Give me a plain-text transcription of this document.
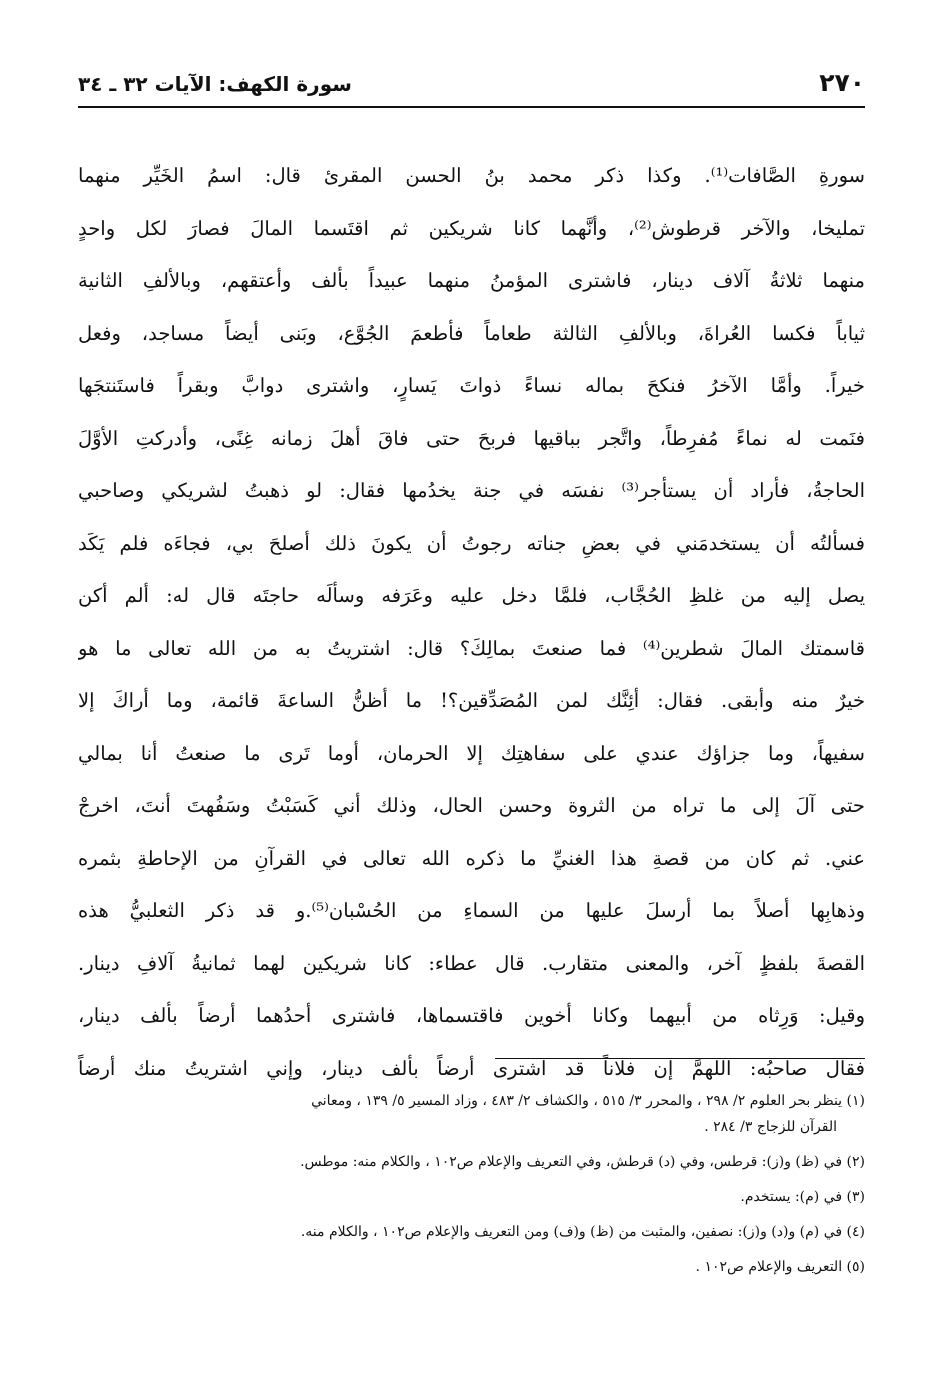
٢٧٠
سورة الكهف: الآيات ٣٢ ـ ٣٤
سورةِ الصَّافات⁽¹⁾. وكذا ذكر محمد بنُ الحسن المقرئ قال: اسمُ الخَيِّر منهما
تمليخا، والآخر قرطوش⁽²⁾، وأنَّهما كانا شريكين ثم اقتَسما المالَ فصارَ لكل واحدٍ
منهما ثلاثةُ آلاف دينار، فاشترى المؤمنُ منهما عبيداً بألف وأعتقهم، وبالألفِ الثانية
ثياباً فكسا العُراةَ، وبالألفِ الثالثة طعاماً فأطعمَ الجُوَّع، وبَنى أيضاً مساجد، وفعل
خيراً. وأمَّا الآخرُ فنكحَ بماله نساءً ذواتَ يَسارٍ، واشترى دوابَّ وبقراً فاستَنتجَها
فنَمت له نماءً مُفرِطاً، واتَّجر بباقيها فربحَ حتى فاقَ أهلَ زمانه غِنًى، وأدركتِ الأوَّلَ
الحاجةُ، فأراد أن يستأجر⁽³⁾ نفسَه في جنة يخدُمها فقال: لو ذهبتُ لشريكي وصاحبي
فسألتُه أن يستخدمَني في بعضِ جناته رجوتُ أن يكونَ ذلك أصلحَ بي، فجاءَه فلم يَكَد
يصل إليه من غلظِ الحُجَّاب، فلمَّا دخل عليه وعَرَفه وسألَه حاجتَه قال له: ألم أكن
قاسمتك المالَ شطرين⁽⁴⁾ فما صنعتَ بمالِكَ؟ قال: اشتريتُ به من الله تعالى ما هو
خيرٌ منه وأبقى. فقال: أئِنَّك لمن المُصَدِّقين؟! ما أظنُّ الساعةَ قائمة، وما أراكَ إلا
سفيهاً، وما جزاؤك عندي على سفاهتِك إلا الحرمان، أوما تَرى ما صنعتُ أنا بمالي
حتى آلَ إلى ما تراه من الثروة وحسن الحال، وذلك أني كَسَبْتُ وسَفُهتَ أنتَ، اخرجْ
عني. ثم كان من قصةِ هذا الغنيِّ ما ذكره الله تعالى في القرآنِ من الإحاطةِ بثمره
وذهابِها أصلاً بما أرسلَ عليها من السماءِ من الحُسْبان⁽⁵⁾.و قد ذكر الثعلبيُّ هذه
القصةَ بلفظٍ آخر، والمعنى متقارب. قال عطاء: كانا شريكين لهما ثمانيةُ آلافِ دينار.
وقيل: وَرِثاه من أبيهما وكانا أخوين فاقتسماها، فاشترى أحدُهما أرضاً بألف دينار،
فقال صاحبُه: اللهمَّ إن فلاناً قد اشترى أرضاً بألف دينار، وإني اشتريتُ منك أرضاً
(١) ينظر بحر العلوم ٢/ ٢٩٨ ، والمحرر ٣/ ٥١٥ ، والكشاف ٢/ ٤٨٣ ، وزاد المسير ٥/ ١٣٩ ، ومعاني
القرآن للزجاج ٣/ ٢٨٤ .
(٢) في (ظ) و(ز): قرطس، وفي (د) قرطش، وفي التعريف والإعلام ص١٠٢ ، والكلام منه: موطس.
(٣) في (م): يستخدم.
(٤) في (م) و(د) و(ز): نصفين، والمثبت من (ظ) و(ف) ومن التعريف والإعلام ص١٠٢ ، والكلام منه.
(٥) التعريف والإعلام ص١٠٢ .
